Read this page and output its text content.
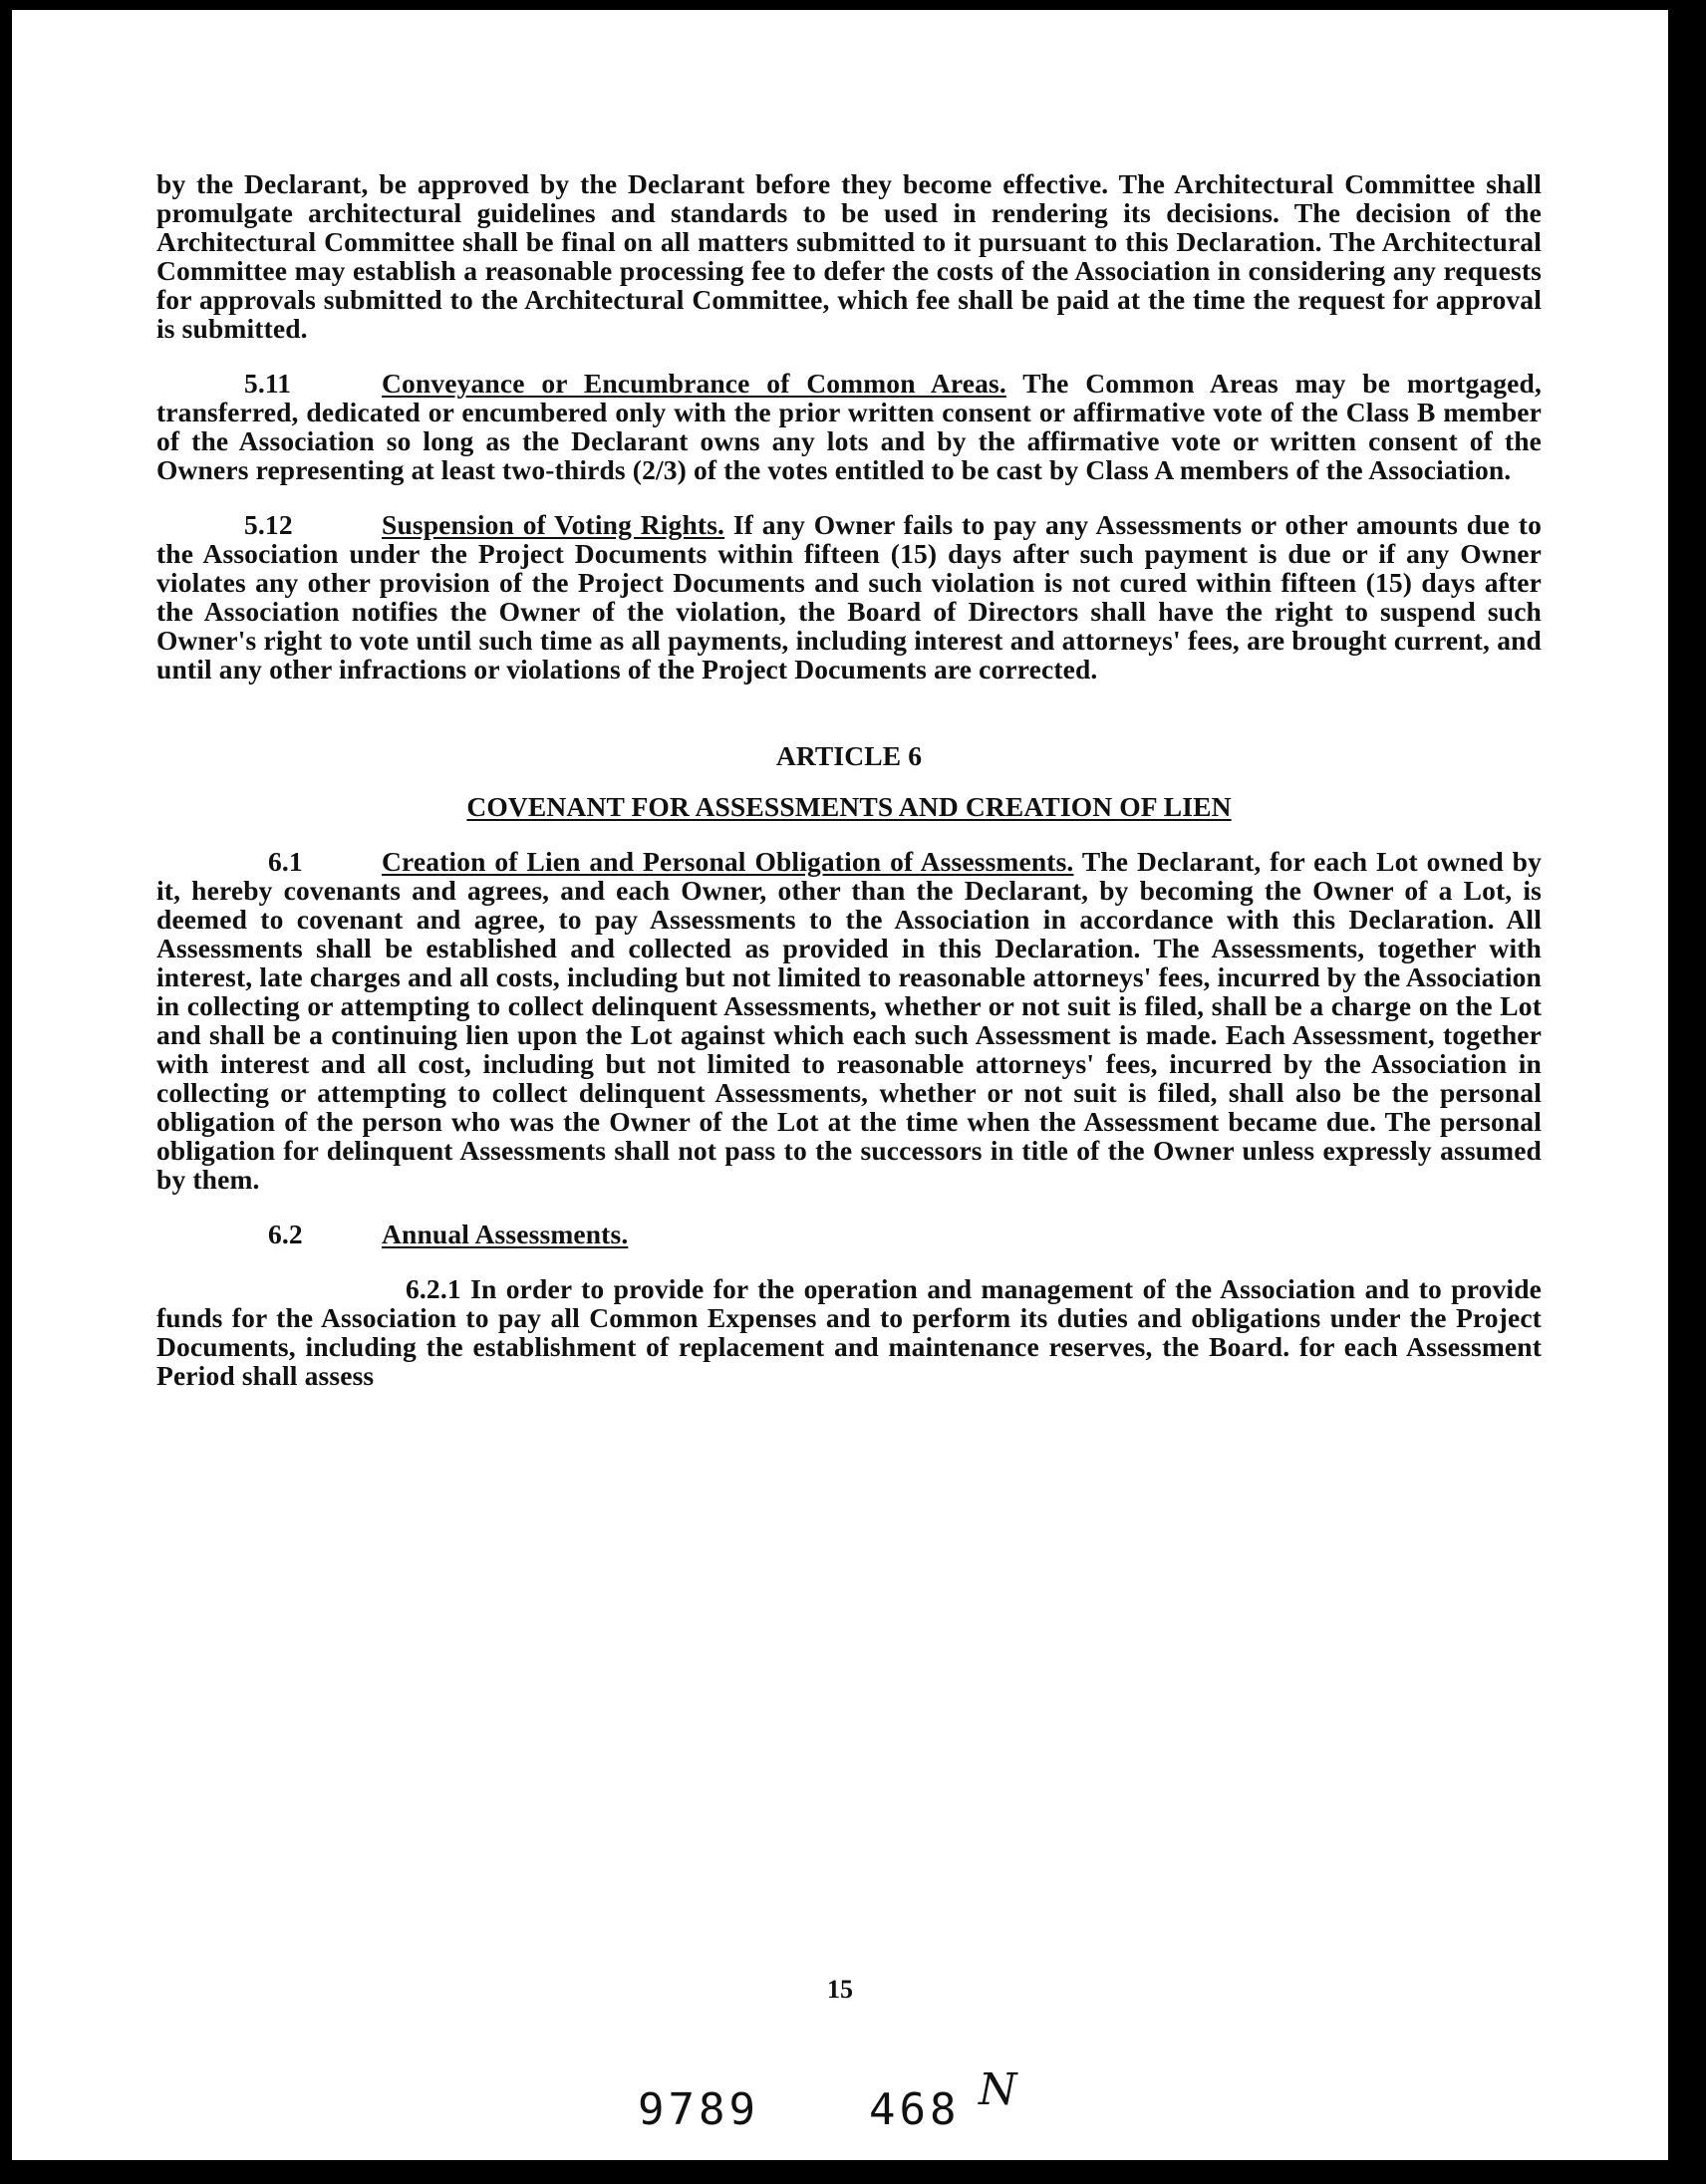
by the Declarant, be approved by the Declarant before they become effective. The Architectural Committee shall promulgate architectural guidelines and standards to be used in rendering its decisions. The decision of the Architectural Committee shall be final on all matters submitted to it pursuant to this Declaration. The Architectural Committee may establish a reasonable processing fee to defer the costs of the Association in considering any requests for approvals submitted to the Architectural Committee, which fee shall be paid at the time the request for approval is submitted.

5.11	Conveyance or Encumbrance of Common Areas. The Common Areas may be mortgaged, transferred, dedicated or encumbered only with the prior written consent or affirmative vote of the Class B member of the Association so long as the Declarant owns any lots and by the affirmative vote or written consent of the Owners representing at least two-thirds (2/3) of the votes entitled to be cast by Class A members of the Association.

5.12	Suspension of Voting Rights. If any Owner fails to pay any Assessments or other amounts due to the Association under the Project Documents within fifteen (15) days after such payment is due or if any Owner violates any other provision of the Project Documents and such violation is not cured within fifteen (15) days after the Association notifies the Owner of the violation, the Board of Directors shall have the right to suspend such Owner's right to vote until such time as all payments, including interest and attorneys' fees, are brought current, and until any other infractions or violations of the Project Documents are corrected.

ARTICLE 6
COVENANT FOR ASSESSMENTS AND CREATION OF LIEN

6.1	Creation of Lien and Personal Obligation of Assessments. The Declarant, for each Lot owned by it, hereby covenants and agrees, and each Owner, other than the Declarant, by becoming the Owner of a Lot, is deemed to covenant and agree, to pay Assessments to the Association in accordance with this Declaration. All Assessments shall be established and collected as provided in this Declaration. The Assessments, together with interest, late charges and all costs, including but not limited to reasonable attorneys' fees, incurred by the Association in collecting or attempting to collect delinquent Assessments, whether or not suit is filed, shall be a charge on the Lot and shall be a continuing lien upon the Lot against which each such Assessment is made. Each Assessment, together with interest and all cost, including but not limited to reasonable attorneys' fees, incurred by the Association in collecting or attempting to collect delinquent Assessments, whether or not suit is filed, shall also be the personal obligation of the person who was the Owner of the Lot at the time when the Assessment became due. The personal obligation for delinquent Assessments shall not pass to the successors in title of the Owner unless expressly assumed by them.

6.2	Annual Assessments.

6.2.1 In order to provide for the operation and management of the Association and to provide funds for the Association to pay all Common Expenses and to perform its duties and obligations under the Project Documents, including the establishment of replacement and maintenance reserves, the Board. for each Assessment Period shall assess

15
9789	468 N
